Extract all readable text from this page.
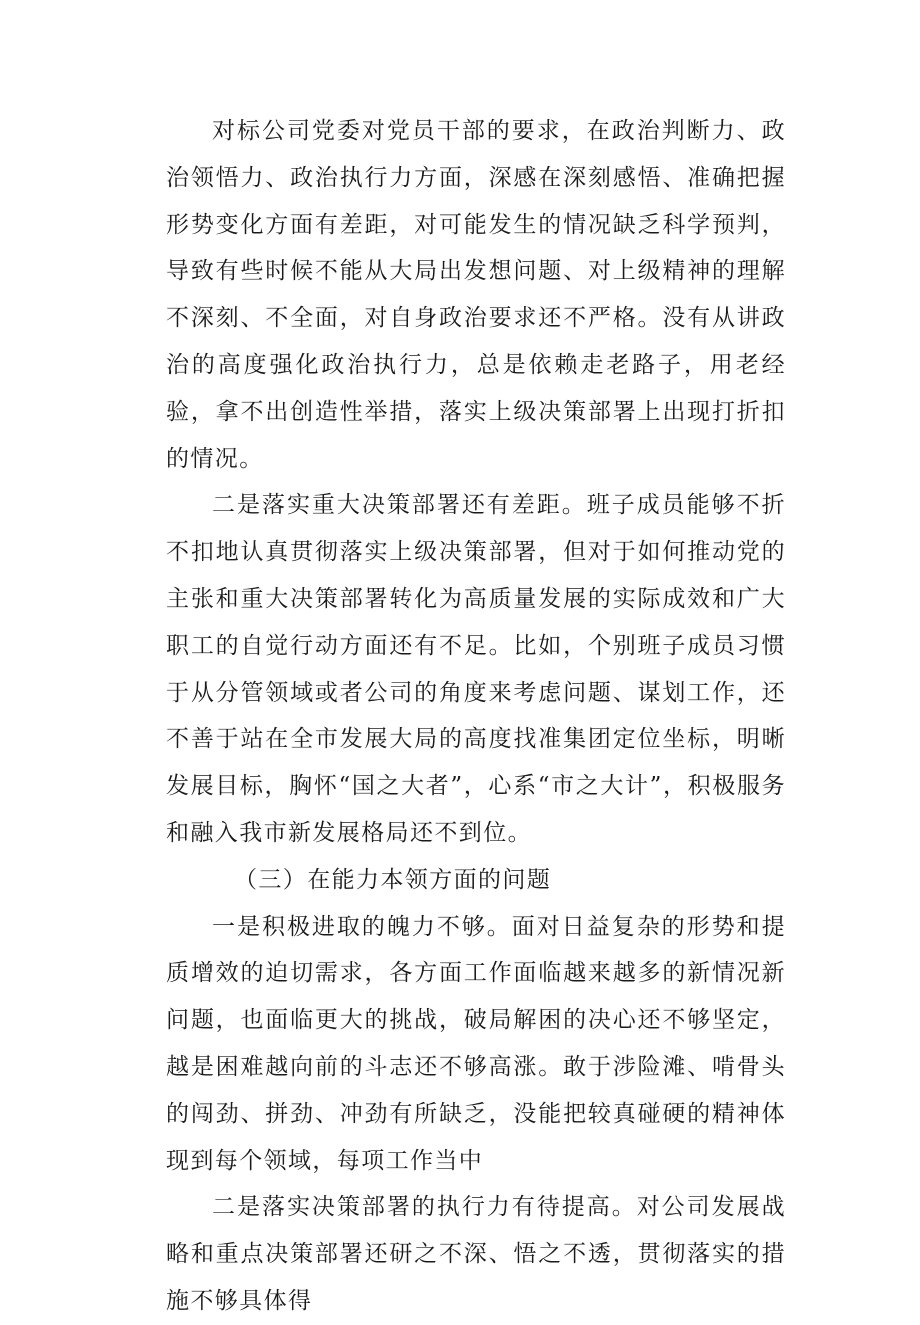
对标公司党委对党员干部的要求，在政治判断力、政治领悟力、政治执行力方面，深感在深刻感悟、准确把握形势变化方面有差距，对可能发生的情况缺乏科学预判，导致有些时候不能从大局出发想问题、对上级精神的理解不深刻、不全面，对自身政治要求还不严格。没有从讲政治的高度强化政治执行力，总是依赖走老路子，用老经验，拿不出创造性举措，落实上级决策部署上出现打折扣的情况。

二是落实重大决策部署还有差距。班子成员能够不折不扣地认真贯彻落实上级决策部署，但对于如何推动党的主张和重大决策部署转化为高质量发展的实际成效和广大职工的自觉行动方面还有不足。比如，个别班子成员习惯于从分管领域或者公司的角度来考虑问题、谋划工作，还不善于站在全市发展大局的高度找准集团定位坐标，明晰发展目标，胸怀“国之大者”，心系“市之大计”，积极服务和融入我市新发展格局还不到位。

（三）在能力本领方面的问题

一是积极进取的魄力不够。面对日益复杂的形势和提质增效的迫切需求，各方面工作面临越来越多的新情况新问题，也面临更大的挑战，破局解困的决心还不够坚定，越是困难越向前的斗志还不够高涨。敢于涉险滩、啃骨头的闯劲、拼劲、冲劲有所缺乏，没能把较真碰硬的精神体现到每个领域，每项工作当中

二是落实决策部署的执行力有待提高。对公司发展战略和重点决策部署还研之不深、悟之不透，贯彻落实的措施不够具体得
